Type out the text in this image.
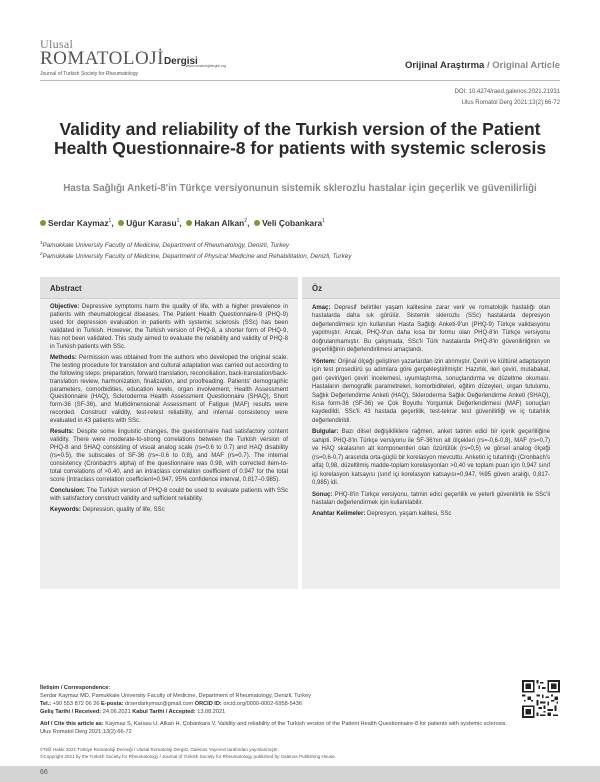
Ulusal
ROMATOLOJİDergisi
Journal of Turkish Society for Rheumatology
www.romatolojidergisi.org	Orijinal Araştırma / Original Article
DOI: 10.4274/raed.galenos.2021.21931
Ulus Romatol Derg 2021;13(2):66-72
Validity and reliability of the Turkish version of the Patient Health Questionnaire-8 for patients with systemic sclerosis
Hasta Sağlığı Anketi-8'in Türkçe versiyonunun sistemik sklerozlu hastalar için geçerlik ve güvenilirliği
Serdar Kaymaz$^1$,  Uğur Karasu$^1$,  Hakan Alkan$^2$,  Veli Çobankara$^1$
$^1$Pamukkale University Faculty of Medicine, Department of Rheumatology, Denizli, Turkey
$^2$Pamukkale University Faculty of Medicine, Department of Physical Medicine and Rehabilitation, Denizli, Turkey
Abstract

Objective: Depressive symptoms harm the quality of life, with a higher prevalence in patients with rheumatological diseases. The Patient Health Questionnaire-9 (PHQ-9) used for depression evaluation in patients with systemic sclerosis (SSc) has been validated in Turkish. However, the Turkish version of PHQ-8, a shorter form of PHQ-9, has not been validated. This study aimed to evaluate the reliability and validity of PHQ-8 in Turkish patients with SSc.

Methods: Permission was obtained from the authors who developed the original scale. The testing procedure for translation and cultural adaptation was carried out according to the following steps: preparation, forward translation, reconciliation, back-translation/back-translation review, harmonization, finalization, and proofreading. Patients' demographic parameters, comorbidities, education levels, organ involvement, Health Assessment Questionnaire (HAQ), Scleroderma Health Assessment Questionnaire (SHAQ), Short form-36 (SF-36), and Multidimensional Assessment of Fatigue (MAF) results were recorded. Construct validity, test-retest reliability, and internal consistency were evaluated in 43 patients with SSc.

Results: Despite some linguistic changes, the questionnaire had satisfactory content validity. There were moderate-to-strong correlations between the Turkish version of PHQ-8 and SHAQ consisting of visual analog scale (rs=0.6 to 0.7) and HAQ disability (rs=0.5), the subscales of SF-36 (rs=-0.6 to 0.8), and MAF (rs=0.7). The internal consistency (Cronbach's alpha) of the questionnaire was 0.98, with corrected item-to-total correlations of >0.40, and an intraclass correlation coefficient of 0.947 for the total score (Intraclass correlation coefficient=0.947, 95% confidence interval, 0.817–0.985).

Conclusion: The Turkish version of PHQ-8 could be used to evaluate patients with SSc with satisfactory construct validity and sufficient reliability.

Keywords: Depression, quality of life, SSc

Öz

Amaç: Depresif belirtiler yaşam kalitesine zarar verir ve romatolojik hastalığı olan hastalarda daha sık görülür. Sistemik sklerozlu (SSc) hastalarda depresyon değerlendirmesi için kullanılan Hasta Sağlığı Anketi-9'un (PHQ-9) Türkçe validasyonu yapılmıştır. Ancak, PHQ-9'un daha kısa bir formu olan PHQ-8'in Türkçe versiyonu doğrulanmamıştır. Bu çalışmada, SSc'li Türk hastalarda PHQ-8'in güvenilirliğinin ve geçerliliğinin değerlendirilmesi amaçlandı.

Yöntem: Orijinal ölçeği geliştiren yazarlardan izin alınmıştır. Çeviri ve kültürel adaptasyon için test prosedürü şu adımlara göre gerçekleştirilmiştir: Hazırlık, ileri çeviri, mutabakat, geri çeviri/geri çeviri incelemesi, uyumlaştırma, sonuçlandırma ve düzeltme okuması. Hastaların demografik parametreleri, komorbiditeleri, eğitim düzeyleri, organ tutulumu, Sağlık Değerlendirme Anketi (HAQ), Skleroderma Sağlık Değerlendirme Anketi (SHAQ), Kısa form-36 (SF-36) ve Çok Boyutlu Yorgunluk Değerlendirmesi (MAF) sonuçları kaydedildi. SSc'li 43 hastada geçerlilik, test-tekrar test güvenilirliği ve iç tutarlılık değerlendirildi.

Bulgular: Bazı dilsel değişikliklere rağmen, anket tatmin edici bir içerik geçerliliğine sahipti. PHQ-8'in Türkçe versiyonu ile SF-36'nın alt ölçekleri (rs=-0,6-0,8), MAF (rs=0,7) ve HAQ skalasının alt komponentleri olan özürlülük (rs=0,5) ve görsel analog ölçeği (rs=0,6-0,7) arasında orta-güçlü bir korelasyon mevcuttu. Anketin iç tutarlılığı (Cronbach's alfa) 0,98, düzeltilmiş madde-toplam korelasyonları >0,40 ve toplam puan için 0,947 sınıf içi korelasyon katsayısı (sınıf içi korelasyon katsayısı=0,947, %95 güven aralığı, 0,817-0,985) idi.

Sonuç: PHQ-8'in Türkçe versiyonu, tatmin edici geçerlilik ve yeterli güvenilirlik ile SSc'li hastaları değerlendirmek için kullanılabilir.

Anahtar Kelimeler: Depresyon, yaşam kalitesi, SSc

İletişim / Correspondence:
Serdar Kaymaz MD, Pamukkale University Faculty of Medicine, Department of Rheumatology, Denizli, Turkey
Tel.: +90 553 872 06 26 E-posta: drserdarkymaz@gmail.com ORCID ID: orcid.org/0000-0002-6958-5436
Geliş Tarihi / Received: 24.06.2021 Kabul Tarihi / Accepted: 13.08.2021
Atıf / Cite this article as: Kaymaz S, Karasu U, Alkan H, Çobankara V. Validity and reliability of the Turkish version of the Patient Health Questionnaire-8 for patients with systemic sclerosis. Ulus Romatol Derg 2021;13(2):66-72
©Telif Hakkı 2021 Türkiye Romatoloji Derneği / Ulusal Romatoloji Dergisi, Galenos Yayınevi tarafından yayınlanmıştır.
©Copyright 2021 by the Turkish Society for Rheumatology / Journal of Turkish Society for Rheumatology published by Galenos Publishing House.
66
